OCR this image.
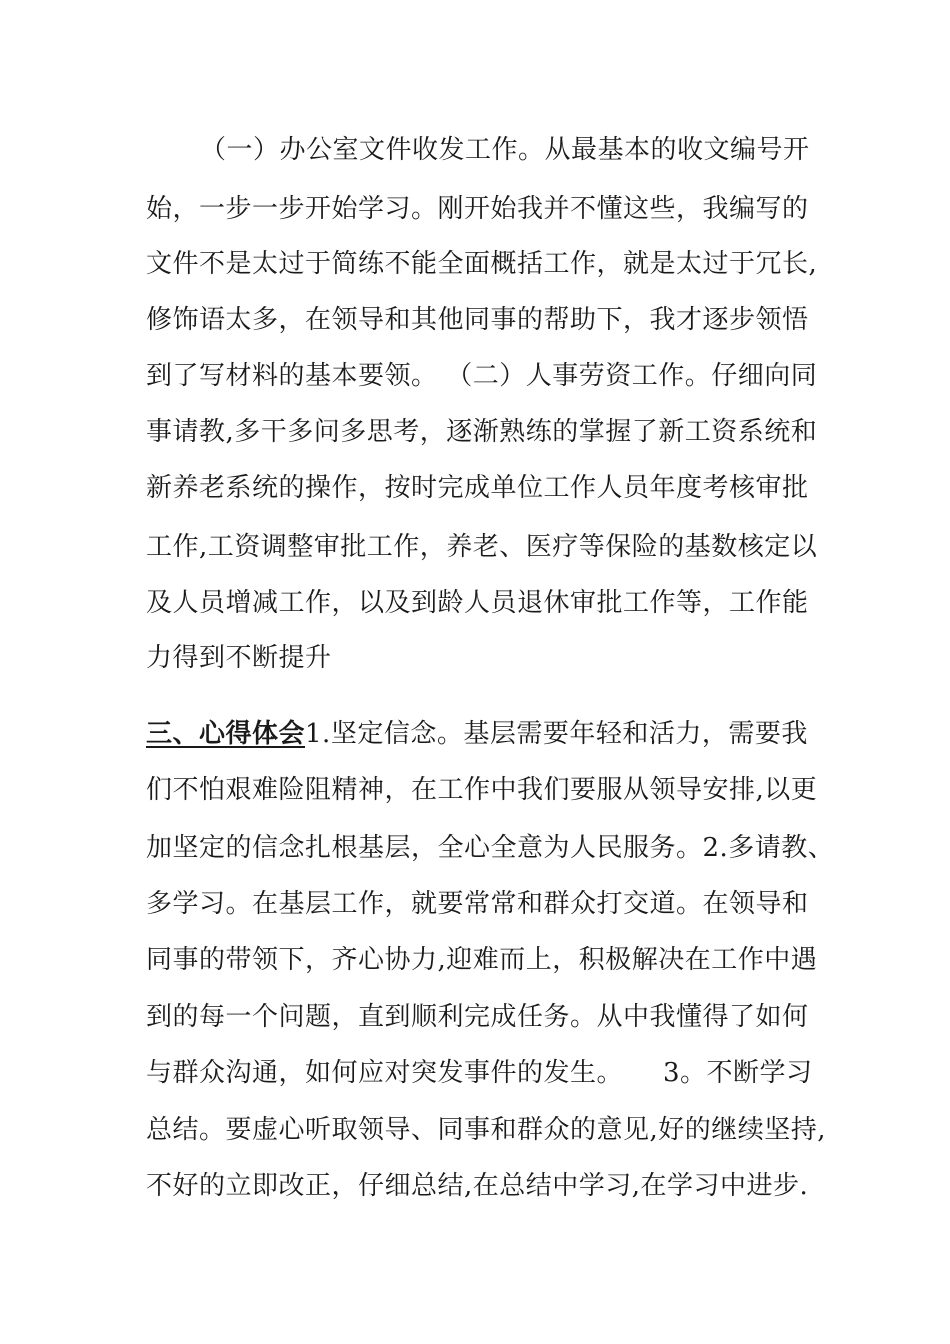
（一）办公室文件收发工作。从最基本的收文编号开
始，一步一步开始学习。刚开始我并不懂这些，我编写的
文件不是太过于简练不能全面概括工作，就是太过于冗长,
修饰语太多，在领导和其他同事的帮助下，我才逐步领悟
到了写材料的基本要领。 （二）人事劳资工作。仔细向同
事请教,多干多问多思考，逐渐熟练的掌握了新工资系统和
新养老系统的操作，按时完成单位工作人员年度考核审批
工作,工资调整审批工作，养老、医疗等保险的基数核定以
及人员增减工作，以及到龄人员退休审批工作等，工作能
力得到不断提升
三、心得体会1.坚定信念。基层需要年轻和活力，需要我
们不怕艰难险阻精神，在工作中我们要服从领导安排,以更
加坚定的信念扎根基层，全心全意为人民服务。2.多请教、
多学习。在基层工作，就要常常和群众打交道。在领导和
同事的带领下，齐心协力,迎难而上，积极解决在工作中遇
到的每一个问题，直到顺利完成任务。从中我懂得了如何
与群众沟通，如何应对突发事件的发生。　　3。不断学习
总结。要虚心听取领导、同事和群众的意见,好的继续坚持,
不好的立即改正，仔细总结,在总结中学习,在学习中进步.
